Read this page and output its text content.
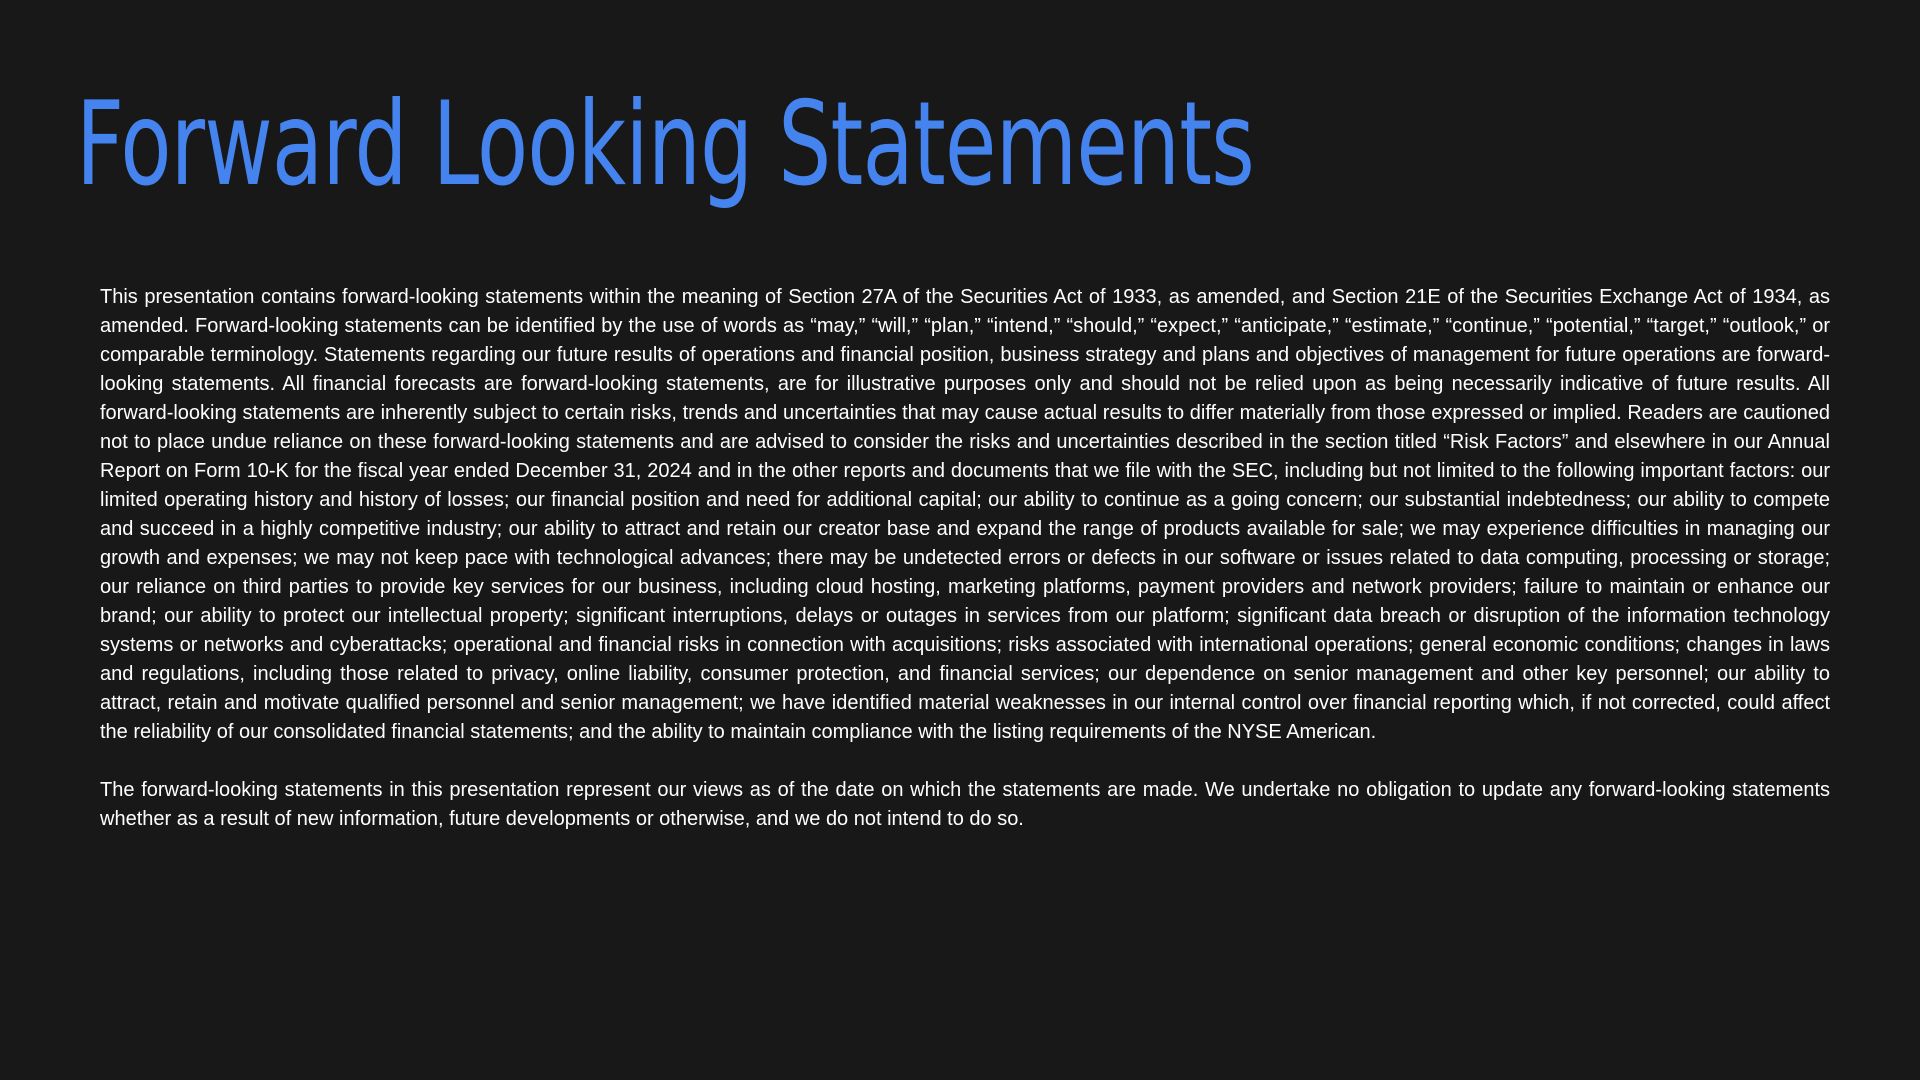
Forward Looking Statements

This presentation contains forward-looking statements within the meaning of Section 27A of the Securities Act of 1933, as amended, and Section 21E of the Securities Exchange Act of 1934, as amended. Forward-looking statements can be identified by the use of words as “may,” “will,” “plan,” “intend,” “should,” “expect,” “anticipate,” “estimate,” “continue,” “potential,” “target,” “outlook,” or comparable terminology. Statements regarding our future results of operations and financial position, business strategy and plans and objectives of management for future operations are forward-looking statements. All financial forecasts are forward-looking statements, are for illustrative purposes only and should not be relied upon as being necessarily indicative of future results. All forward-looking statements are inherently subject to certain risks, trends and uncertainties that may cause actual results to differ materially from those expressed or implied. Readers are cautioned not to place undue reliance on these forward-looking statements and are advised to consider the risks and uncertainties described in the section titled “Risk Factors” and elsewhere in our Annual Report on Form 10-K for the fiscal year ended December 31, 2024 and in the other reports and documents that we file with the SEC, including but not limited to the following important factors: our limited operating history and history of losses; our financial position and need for additional capital; our ability to continue as a going concern; our substantial indebtedness; our ability to compete and succeed in a highly competitive industry; our ability to attract and retain our creator base and expand the range of products available for sale; we may experience difficulties in managing our growth and expenses; we may not keep pace with technological advances; there may be undetected errors or defects in our software or issues related to data computing, processing or storage; our reliance on third parties to provide key services for our business, including cloud hosting, marketing platforms, payment providers and network providers; failure to maintain or enhance our brand; our ability to protect our intellectual property; significant interruptions, delays or outages in services from our platform; significant data breach or disruption of the information technology systems or networks and cyberattacks; operational and financial risks in connection with acquisitions; risks associated with international operations; general economic conditions; changes in laws and regulations, including those related to privacy, online liability, consumer protection, and financial services; our dependence on senior management and other key personnel; our ability to attract, retain and motivate qualified personnel and senior management; we have identified material weaknesses in our internal control over financial reporting which, if not corrected, could affect the reliability of our consolidated financial statements; and the ability to maintain compliance with the listing requirements of the NYSE American.

The forward-looking statements in this presentation represent our views as of the date on which the statements are made. We undertake no obligation to update any forward-looking statements whether as a result of new information, future developments or otherwise, and we do not intend to do so.
